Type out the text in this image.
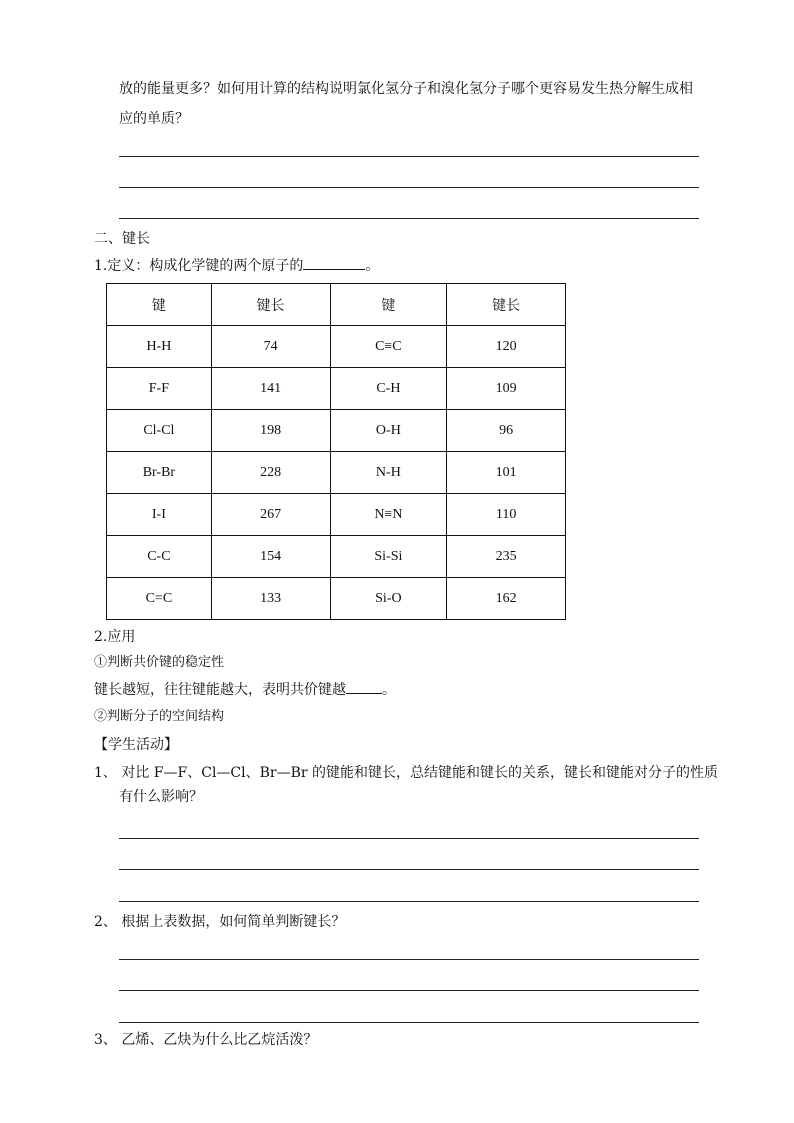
放的能量更多？如何用计算的结构说明氯化氢分子和溴化氢分子哪个更容易发生热分解生成相
应的单质？
二、键长
1.定义：构成化学键的两个原子的	。
键	键长	键	键长
H-H	74	C≡C	120
F-F	141	C-H	109
Cl-Cl	198	O-H	96
Br-Br	228	N-H	101
I-I	267	N≡N	110
C-C	154	Si-Si	235
C=C	133	Si-O	162
2.应用
①判断共价键的稳定性
键长越短，往往键能越大，表明共价键越	。
②判断分子的空间结构
【学生活动】
1、 对比 F—F、Cl—Cl、Br—Br 的键能和键长，总结键能和键长的关系，键长和键能对分子的性质
有什么影响？
2、 根据上表数据，如何简单判断键长？
3、 乙烯、乙炔为什么比乙烷活泼？
